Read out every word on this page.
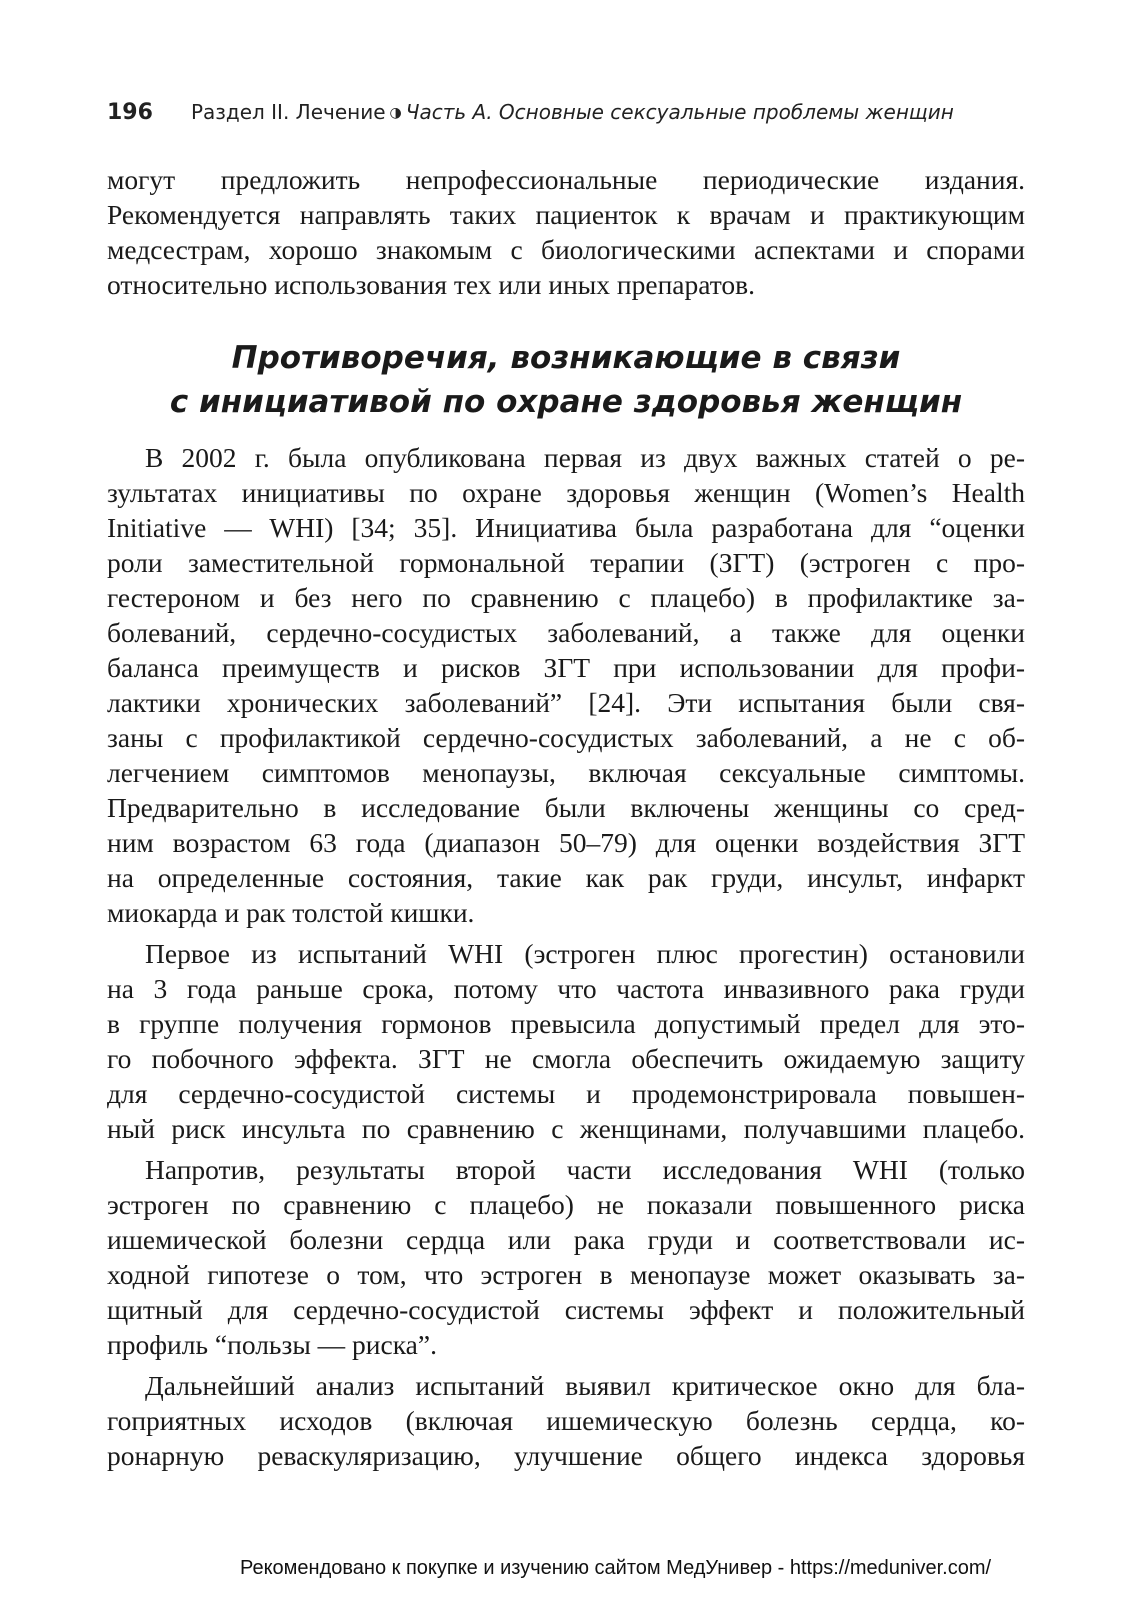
196 Раздел II. Лечение ◑ Часть А. Основные сексуальные проблемы женщин
могут предложить непрофессиональные периодические издания.
Рекомендуется направлять таких пациенток к врачам и практикующим
медсестрам, хорошо знакомым с биологическими аспектами и спорами
относительно использования тех или иных препаратов.
Противоречия, возникающие в связи
с инициативой по охране здоровья женщин
В 2002 г. была опубликована первая из двух важных статей о ре-
зультатах инициативы по охране здоровья женщин (Women’s Health
Initiative — WHI) [34; 35]. Инициатива была разработана для “оценки
роли заместительной гормональной терапии (ЗГТ) (эстроген с про-
гестероном и без него по сравнению с плацебо) в профилактике за-
болеваний, сердечно-сосудистых заболеваний, а также для оценки
баланса преимуществ и рисков ЗГТ при использовании для профи-
лактики хронических заболеваний” [24]. Эти испытания были свя-
заны с профилактикой сердечно-сосудистых заболеваний, а не с об-
легчением симптомов менопаузы, включая сексуальные симптомы.
Предварительно в исследование были включены женщины со сред-
ним возрастом 63 года (диапазон 50–79) для оценки воздействия ЗГТ
на определенные состояния, такие как рак груди, инсульт, инфаркт
миокарда и рак толстой кишки.
Первое из испытаний WHI (эстроген плюс прогестин) остановили
на 3 года раньше срока, потому что частота инвазивного рака груди
в группе получения гормонов превысила допустимый предел для это-
го побочного эффекта. ЗГТ не смогла обеспечить ожидаемую защиту
для сердечно-сосудистой системы и продемонстрировала повышен-
ный риск инсульта по сравнению с женщинами, получавшими плацебо.
Напротив, результаты второй части исследования WHI (только
эстроген по сравнению с плацебо) не показали повышенного риска
ишемической болезни сердца или рака груди и соответствовали ис-
ходной гипотезе о том, что эстроген в менопаузе может оказывать за-
щитный для сердечно-сосудистой системы эффект и положительный
профиль “пользы — риска”.
Дальнейший анализ испытаний выявил критическое окно для бла-
гоприятных исходов (включая ишемическую болезнь сердца, ко-
ронарную реваскуляризацию, улучшение общего индекса здоровья
Рекомендовано к покупке и изучению сайтом МедУнивер - https://meduniver.com/
